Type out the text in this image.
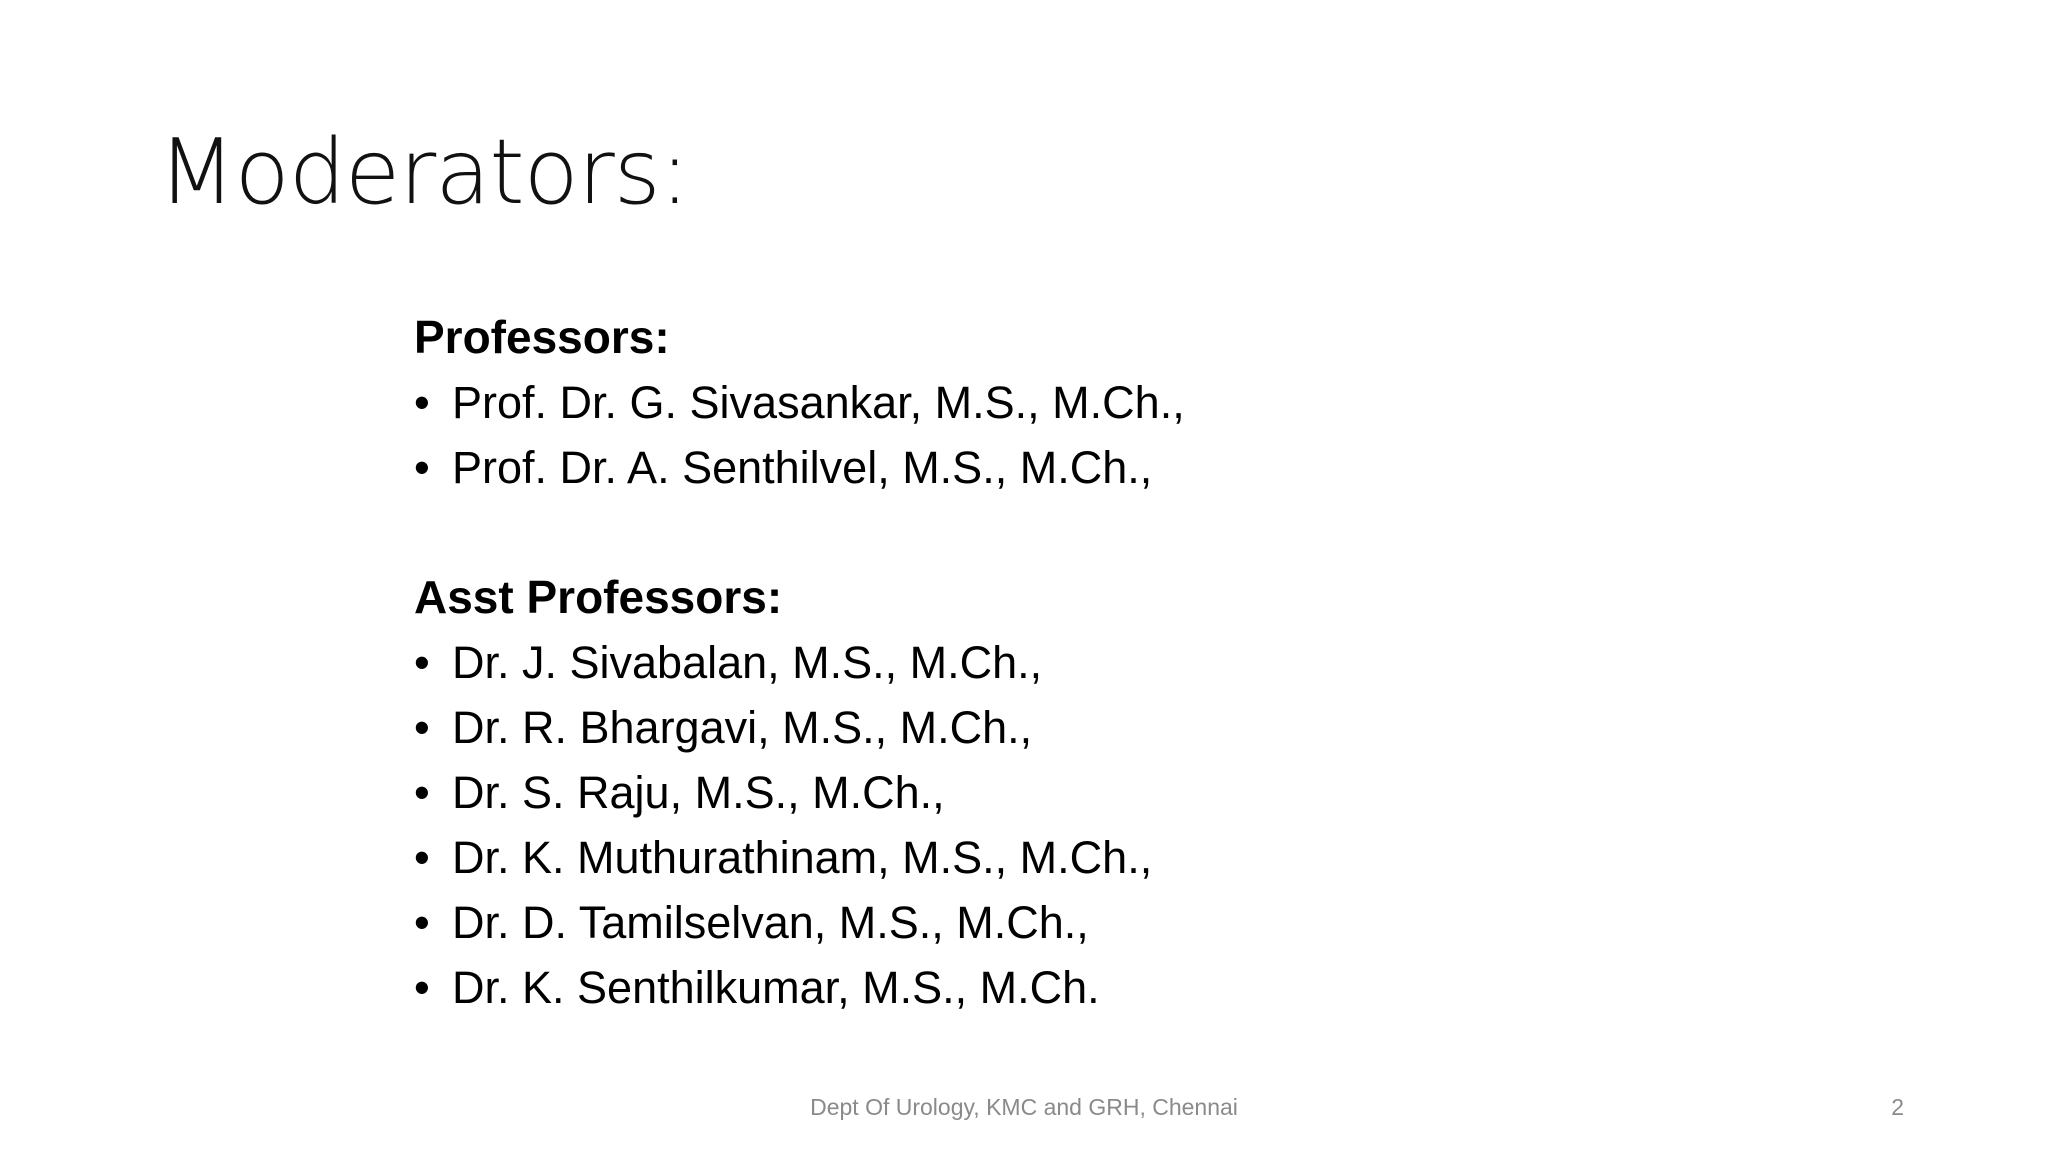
Moderators:
Professors:
• Prof. Dr. G. Sivasankar, M.S., M.Ch.,
• Prof. Dr. A. Senthilvel, M.S., M.Ch.,
Asst Professors:
• Dr. J. Sivabalan, M.S., M.Ch.,
• Dr. R. Bhargavi, M.S., M.Ch.,
• Dr. S. Raju, M.S., M.Ch.,
• Dr. K. Muthurathinam, M.S., M.Ch.,
• Dr. D. Tamilselvan, M.S., M.Ch.,
• Dr. K. Senthilkumar, M.S., M.Ch.
Dept Of Urology, KMC and GRH, Chennai	2
